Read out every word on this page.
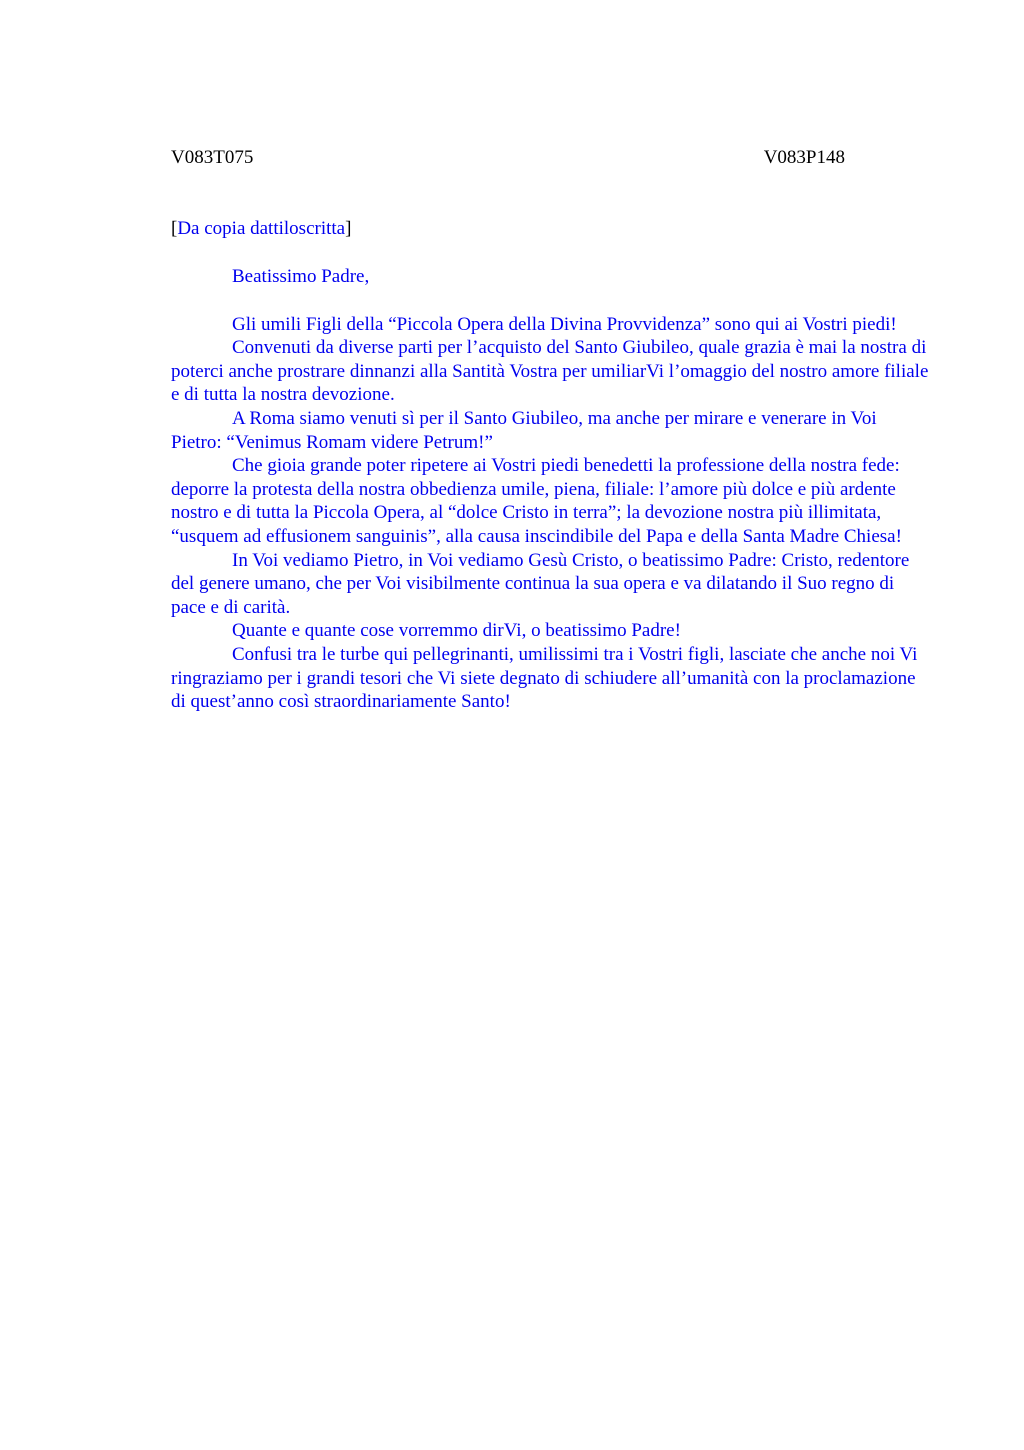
V083T075	V083P148
[Da copia dattiloscritta]
Beatissimo Padre,

Gli umili Figli della “Piccola Opera della Divina Provvidenza” sono qui ai Vostri piedi!

Convenuti da diverse parti per l’acquisto del Santo Giubileo, quale grazia è mai la nostra di poterci anche prostrare dinnanzi alla Santità Vostra per umiliarVi l’omaggio del nostro amore filiale e di tutta la nostra devozione.

A Roma siamo venuti sì per il Santo Giubileo, ma anche per mirare e venerare in Voi Pietro: “Venimus Romam videre Petrum!”

Che gioia grande poter ripetere ai Vostri piedi benedetti la professione della nostra fede: deporre la protesta della nostra obbedienza umile, piena, filiale: l’amore più dolce e più ardente nostro e di tutta la Piccola Opera, al “dolce Cristo in terra”; la devozione nostra più illimitata, “usquem ad effusionem sanguinis”, alla causa inscindibile del Papa e della Santa Madre Chiesa!

In Voi vediamo Pietro, in Voi vediamo Gesù Cristo, o beatissimo Padre: Cristo, redentore del genere umano, che per Voi visibilmente continua la sua opera e va dilatando il Suo regno di pace e di carità.

Quante e quante cose vorremmo dirVi, o beatissimo Padre!

Confusi tra le turbe qui pellegrinanti, umilissimi tra i Vostri figli, lasciate che anche noi Vi ringraziamo per i grandi tesori che Vi siete degnato di schiudere all’umanità con la proclamazione di quest’anno così straordinariamente Santo!
